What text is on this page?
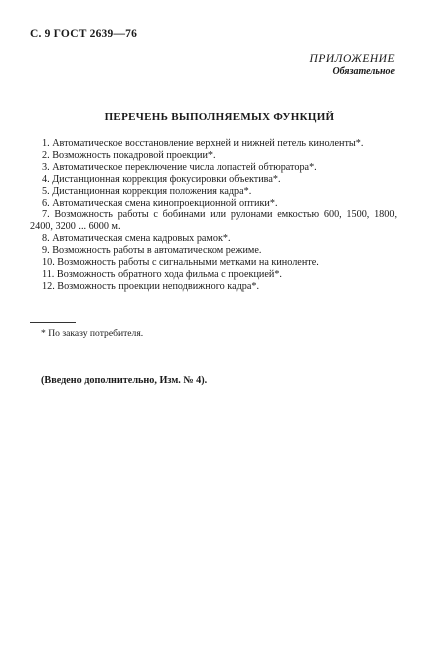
С. 9 ГОСТ 2639—76
ПРИЛОЖЕНИЕ
Обязательное
ПЕРЕЧЕНЬ ВЫПОЛНЯЕМЫХ ФУНКЦИЙ

1. Автоматическое восстановление верхней и нижней петель киноленты*.

2. Возможность покадровой проекции*.

3. Автоматическое переключение числа лопастей обтюратора*.

4. Дистанционная коррекция фокусировки объектива*.

5. Дистанционная коррекция положения кадра*.

6. Автоматическая смена кинопроекционной оптики*.

7. Возможность работы с бобинами или рулонами емкостью 600, 1500, 1800, 2400, 3200 ... 6000 м.

8. Автоматическая смена кадровых рамок*.

9. Возможность работы в автоматическом режиме.

10. Возможность работы с сигнальными метками на киноленте.

11. Возможность обратного хода фильма с проекцией*.

12. Возможность проекции неподвижного кадра*.

* По заказу потребителя.
(Введено дополнительно, Изм. № 4).
